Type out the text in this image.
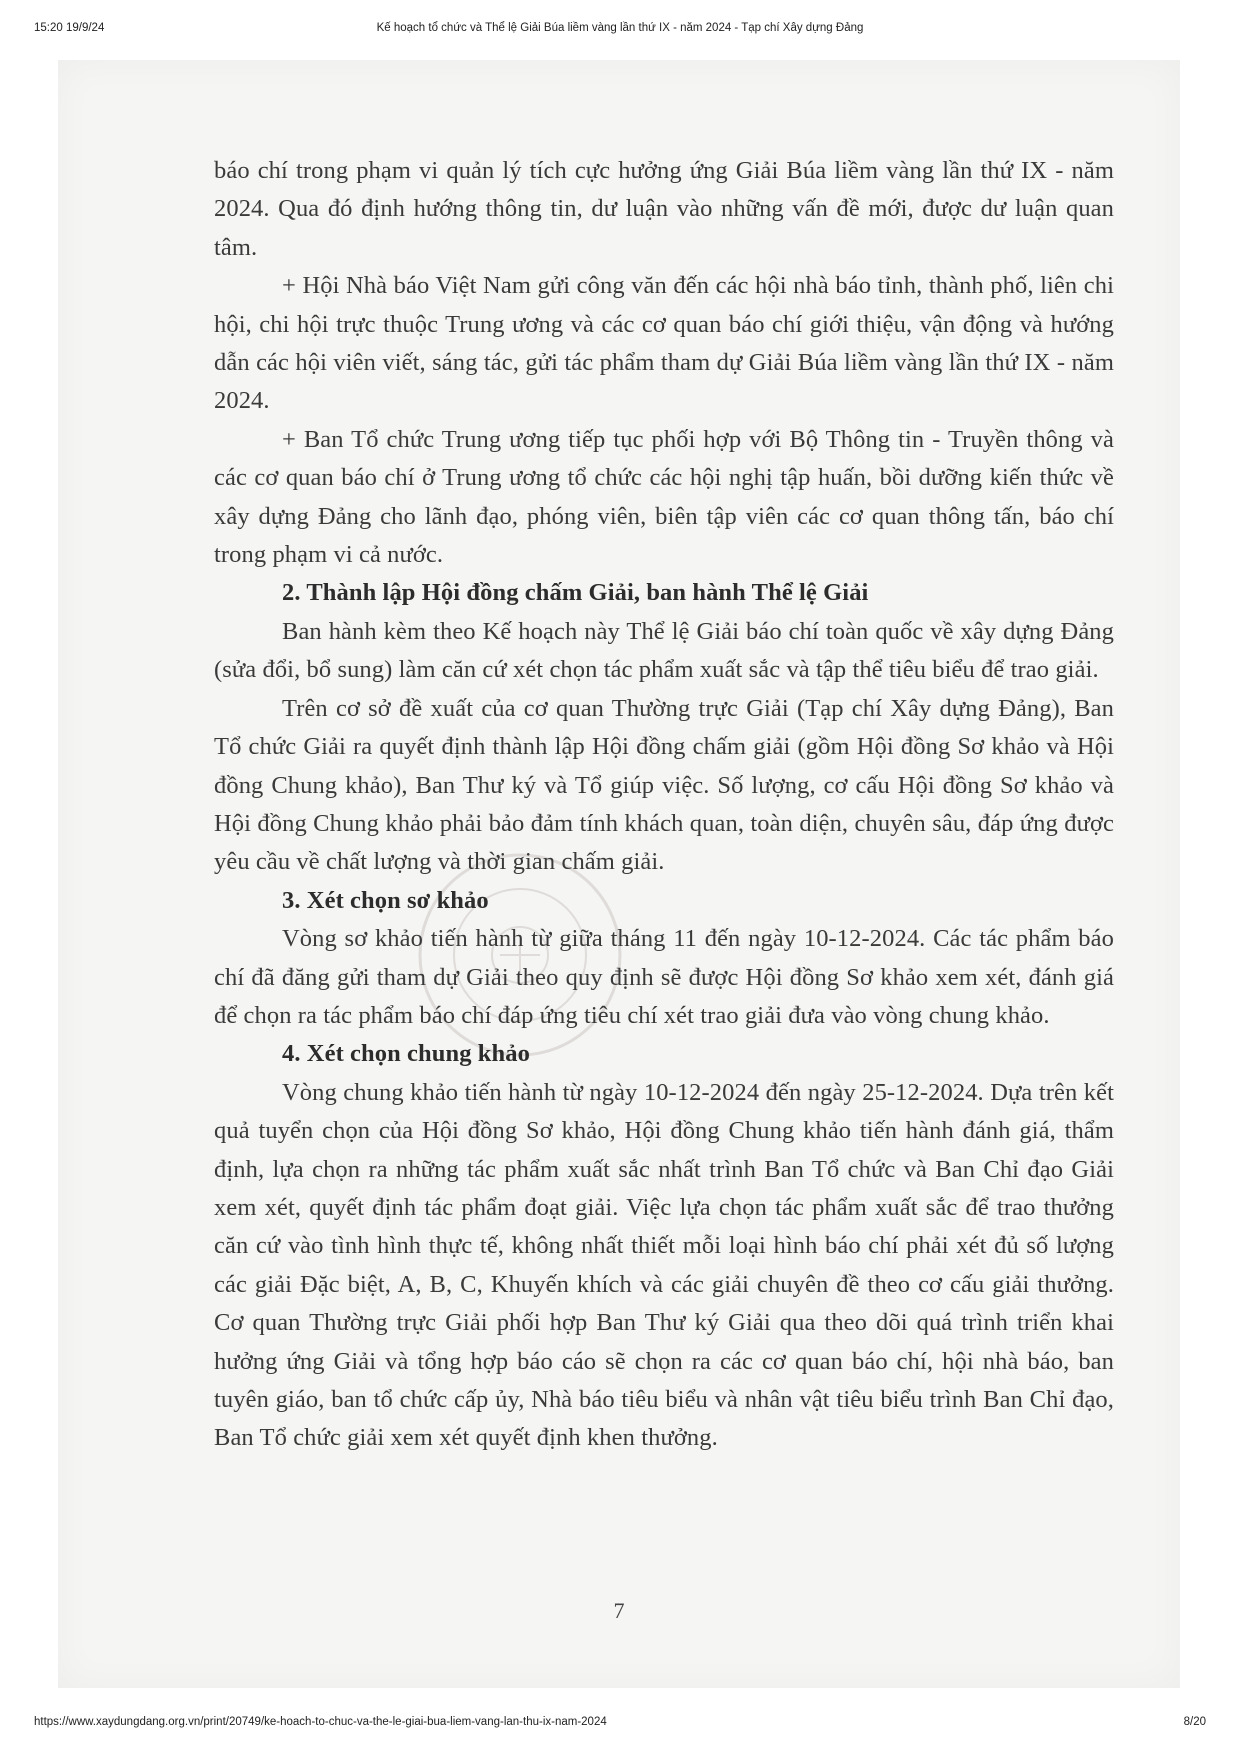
15:20 19/9/24	Kế hoạch tổ chức và Thể lệ Giải Búa liềm vàng lần thứ IX - năm 2024 - Tạp chí Xây dựng Đảng

báo chí trong phạm vi quản lý tích cực hưởng ứng Giải Búa liềm vàng lần thứ IX - năm 2024. Qua đó định hướng thông tin, dư luận vào những vấn đề mới, được dư luận quan tâm.

+ Hội Nhà báo Việt Nam gửi công văn đến các hội nhà báo tỉnh, thành phố, liên chi hội, chi hội trực thuộc Trung ương và các cơ quan báo chí giới thiệu, vận động và hướng dẫn các hội viên viết, sáng tác, gửi tác phẩm tham dự Giải Búa liềm vàng lần thứ IX - năm 2024.

+ Ban Tổ chức Trung ương tiếp tục phối hợp với Bộ Thông tin - Truyền thông và các cơ quan báo chí ở Trung ương tổ chức các hội nghị tập huấn, bồi dưỡng kiến thức về xây dựng Đảng cho lãnh đạo, phóng viên, biên tập viên các cơ quan thông tấn, báo chí trong phạm vi cả nước.

2. Thành lập Hội đồng chấm Giải, ban hành Thể lệ Giải

Ban hành kèm theo Kế hoạch này Thể lệ Giải báo chí toàn quốc về xây dựng Đảng (sửa đổi, bổ sung) làm căn cứ xét chọn tác phẩm xuất sắc và tập thể tiêu biểu để trao giải.

Trên cơ sở đề xuất của cơ quan Thường trực Giải (Tạp chí Xây dựng Đảng), Ban Tổ chức Giải ra quyết định thành lập Hội đồng chấm giải (gồm Hội đồng Sơ khảo và Hội đồng Chung khảo), Ban Thư ký và Tổ giúp việc. Số lượng, cơ cấu Hội đồng Sơ khảo và Hội đồng Chung khảo phải bảo đảm tính khách quan, toàn diện, chuyên sâu, đáp ứng được yêu cầu về chất lượng và thời gian chấm giải.

3. Xét chọn sơ khảo

Vòng sơ khảo tiến hành từ giữa tháng 11 đến ngày 10-12-2024. Các tác phẩm báo chí đã đăng gửi tham dự Giải theo quy định sẽ được Hội đồng Sơ khảo xem xét, đánh giá để chọn ra tác phẩm báo chí đáp ứng tiêu chí xét trao giải đưa vào vòng chung khảo.

4. Xét chọn chung khảo

Vòng chung khảo tiến hành từ ngày 10-12-2024 đến ngày 25-12-2024. Dựa trên kết quả tuyển chọn của Hội đồng Sơ khảo, Hội đồng Chung khảo tiến hành đánh giá, thẩm định, lựa chọn ra những tác phẩm xuất sắc nhất trình Ban Tổ chức và Ban Chỉ đạo Giải xem xét, quyết định tác phẩm đoạt giải. Việc lựa chọn tác phẩm xuất sắc để trao thưởng căn cứ vào tình hình thực tế, không nhất thiết mỗi loại hình báo chí phải xét đủ số lượng các giải Đặc biệt, A, B, C, Khuyến khích và các giải chuyên đề theo cơ cấu giải thưởng. Cơ quan Thường trực Giải phối hợp Ban Thư ký Giải qua theo dõi quá trình triển khai hưởng ứng Giải và tổng hợp báo cáo sẽ chọn ra các cơ quan báo chí, hội nhà báo, ban tuyên giáo, ban tổ chức cấp ủy, Nhà báo tiêu biểu và nhân vật tiêu biểu trình Ban Chỉ đạo, Ban Tổ chức giải xem xét quyết định khen thưởng.

7
https://www.xaydungdang.org.vn/print/20749/ke-hoach-to-chuc-va-the-le-giai-bua-liem-vang-lan-thu-ix-nam-2024	8/20
